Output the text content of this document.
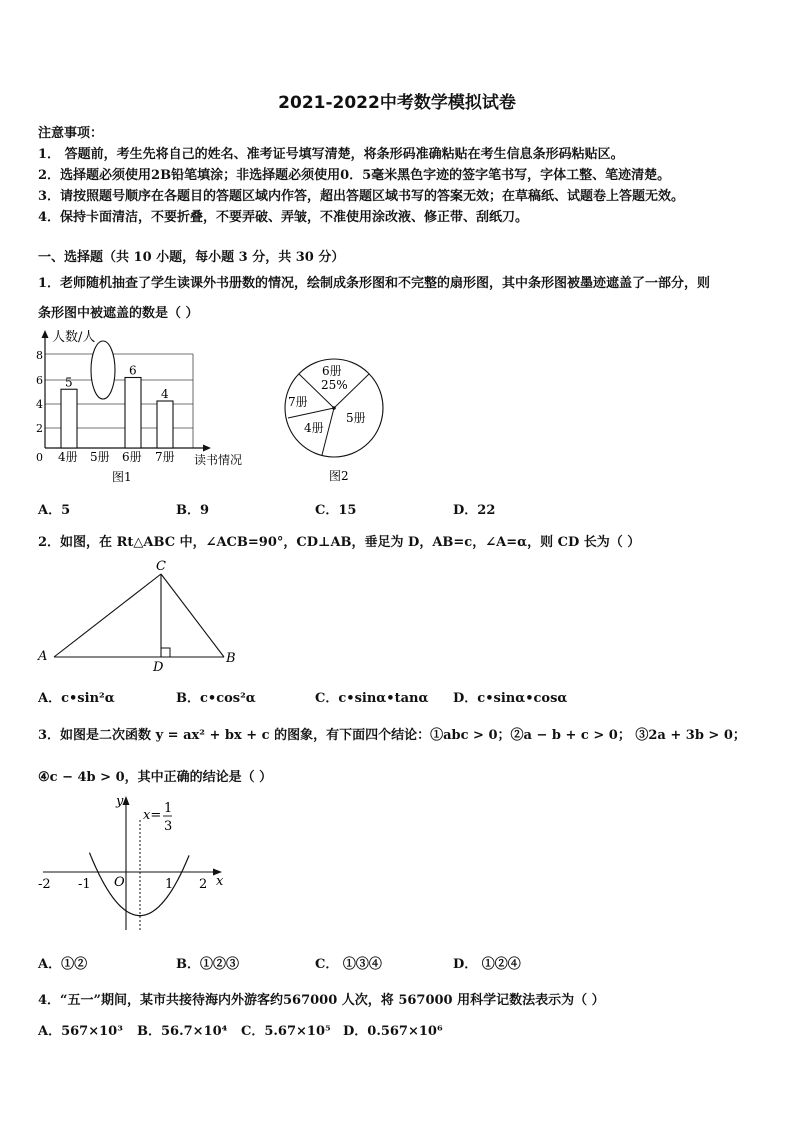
2021-2022中考数学模拟试卷
注意事项：
1． 答题前，考生先将自己的姓名、准考证号填写清楚，将条形码准确粘贴在考生信息条形码粘贴区。
2．选择题必须使用2B铅笔填涂；非选择题必须使用0．5毫米黑色字迹的签字笔书写，字体工整、笔迹清楚。
3．请按照题号顺序在各题目的答题区域内作答，超出答题区域书写的答案无效；在草稿纸、试题卷上答题无效。
4．保持卡面清洁，不要折叠，不要弄破、弄皱，不准使用涂改液、修正带、刮纸刀。
一、选择题（共 10 小题，每小题 3 分，共 30 分）
1．老师随机抽查了学生读课外书册数的情况，绘制成条形图和不完整的扇形图，其中条形图被墨迹遮盖了一部分，则
条形图中被遮盖的数是（ ）
人数/人
读书情况
8
6
4
2
0
5
6
4
4册 5册 6册 7册
图1
6册
25%
5册
4册
7册
图2
A．5	B．9	C．15	D．22
2．如图，在 Rt△ABC 中，∠ACB=90°，CD⊥AB，垂足为 D，AB=c，∠A=α，则 CD 长为（ ）
C
A
D
B
A．c•sin²α	B．c•cos²α	C．c•sinα•tanα D．c•sinα•cosα
3．如图是二次函数 y = ax² + bx + c 的图象，有下面四个结论：①abc > 0；②a − b + c > 0； ③2a + 3b > 0；
④c − 4b > 0，其中正确的结论是（ ）
y
x
x= 1
3
O
-2 -1	1 2
A．①②	B．①②③	C． ①③④	D． ①②④
4．“五一”期间，某市共接待海内外游客约567000 人次，将 567000 用科学记数法表示为（ ）
A．567×10³ B．56.7×10⁴ C．5.67×10⁵ D．0.567×10⁶
